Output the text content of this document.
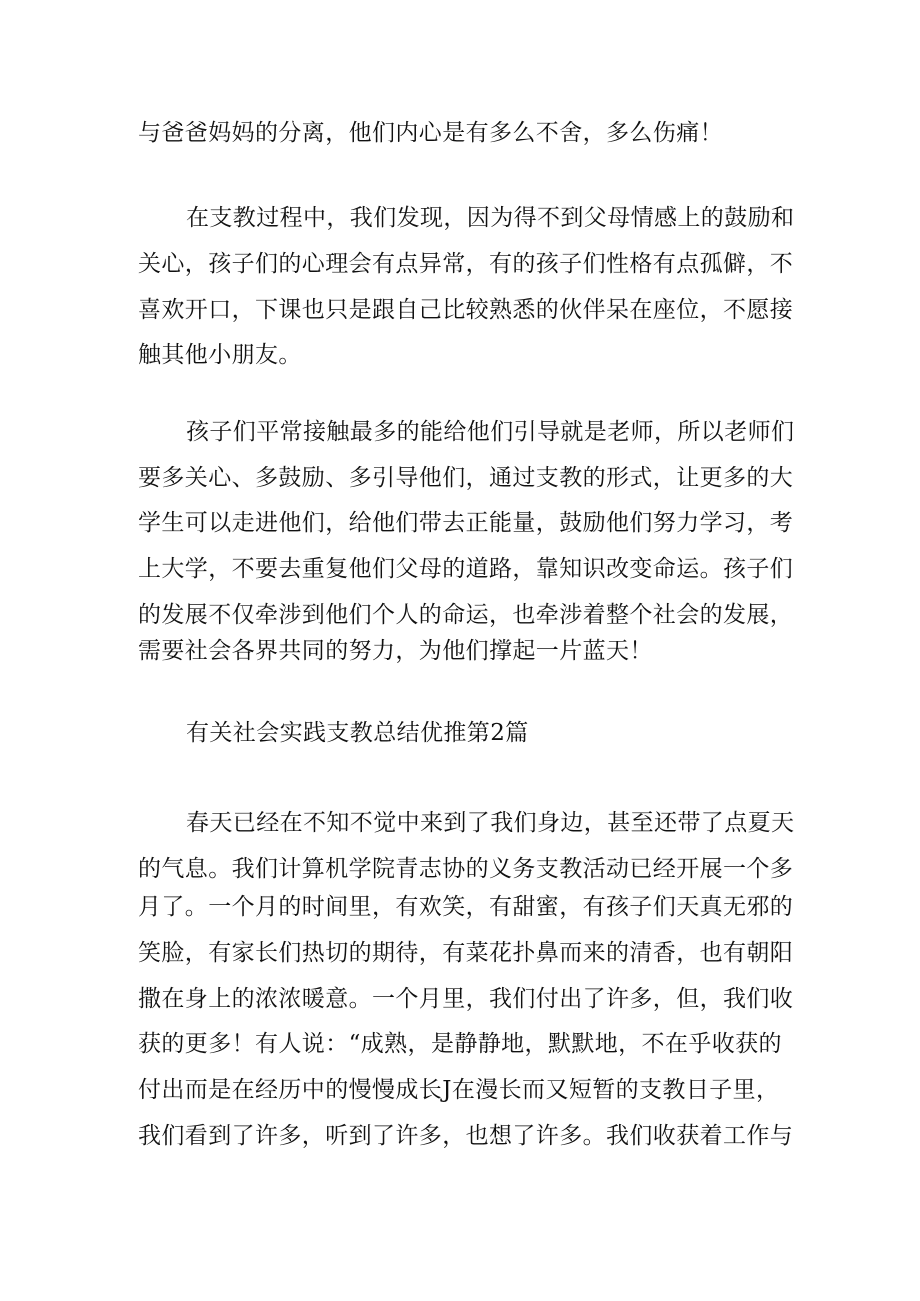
与爸爸妈妈的分离，他们内心是有多么不舍，多么伤痛！
在支教过程中，我们发现，因为得不到父母情感上的鼓励和
关心，孩子们的心理会有点异常，有的孩子们性格有点孤僻，不
喜欢开口，下课也只是跟自己比较熟悉的伙伴呆在座位，不愿接
触其他小朋友。
孩子们平常接触最多的能给他们引导就是老师，所以老师们
要多关心、多鼓励、多引导他们，通过支教的形式，让更多的大
学生可以走进他们，给他们带去正能量，鼓励他们努力学习，考
上大学，不要去重复他们父母的道路，靠知识改变命运。孩子们
的发展不仅牵涉到他们个人的命运，也牵涉着整个社会的发展，
需要社会各界共同的努力，为他们撑起一片蓝天！
有关社会实践支教总结优推第2篇
春天已经在不知不觉中来到了我们身边，甚至还带了点夏天
的气息。我们计算机学院青志协的义务支教活动已经开展一个多
月了。一个月的时间里，有欢笑，有甜蜜，有孩子们天真无邪的
笑脸，有家长们热切的期待，有菜花扑鼻而来的清香，也有朝阳
撒在身上的浓浓暖意。一个月里，我们付出了许多，但，我们收
获的更多！有人说：“成熟，是静静地，默默地，不在乎收获的
付出而是在经历中的慢慢成长J在漫长而又短暂的支教日子里，
我们看到了许多，听到了许多，也想了许多。我们收获着工作与
